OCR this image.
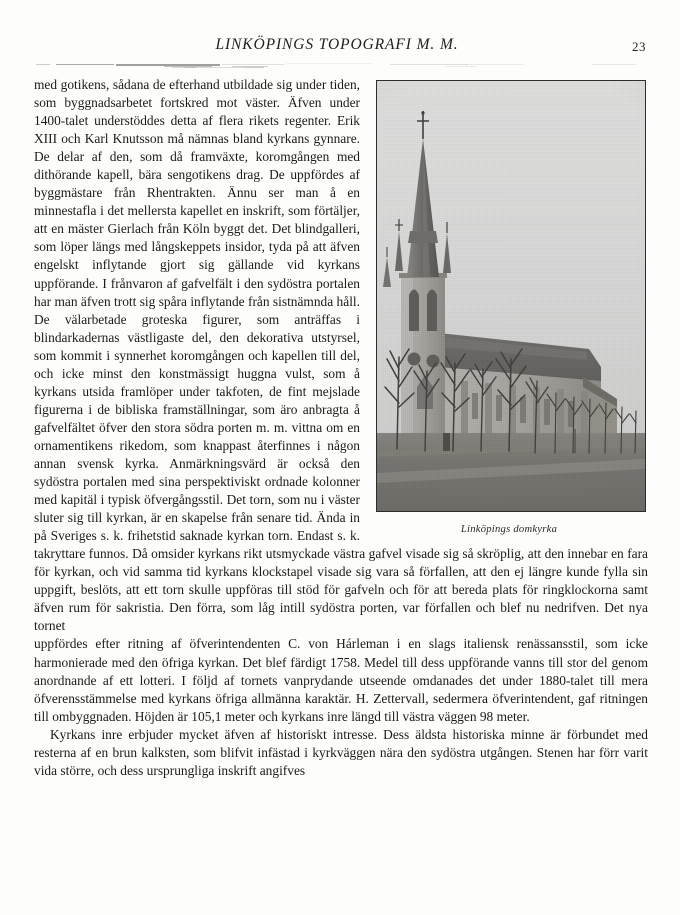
LINKÖPINGS TOPOGRAFI M. M.	23
Linköpings domkyrka

med gotikens, sådana de efterhand utbildade sig under tiden, som byggnadsarbetet fortskred mot väster. Äfven under 1400-talet understöddes detta af flera rikets regenter. Erik XIII och Karl Knutsson må nämnas bland kyrkans gynnare. De delar af den, som då framväxte, koromgången med dithörande kapell, bära sengotikens drag. De uppfördes af byggmästare från Rhentrakten. Ännu ser man å en minnestafla i det mellersta kapellet en inskrift, som förtäljer, att en mäster Gierlach från Köln byggt det. Det blindgalleri, som löper längs med långskeppets insidor, tyda på att äfven engelskt inflytande gjort sig gällande vid kyrkans uppförande. I frånvaron af gafvelfält i den sydöstra portalen har man äfven trott sig spåra inflytande från sistnämnda håll. De välarbetade groteska figurer, som anträffas i blindarkadernas västligaste del, den dekorativa utstyrsel, som kommit i synnerhet koromgången och kapellen till del, och icke minst den konstmässigt huggna vulst, som å kyrkans utsida framlöper under takfoten, de fint mejslade figurerna i de bibliska framställningar, som äro anbragta å gafvelfältet öfver den stora södra porten m. m. vittna om en ornamentikens rikedom, som knappast återfinnes i någon annan svensk kyrka. Anmärkningsvärd är också den sydöstra portalen med sina perspektiviskt ordnade kolonner med kapitäl i typisk öfvergångsstil. Det torn, som nu i väster sluter sig till kyrkan, är en skapelse från senare tid. Ända in på Sveriges s. k. frihetstid saknade kyrkan torn. Endast s. k. takryttare funnos. Då omsider kyrkans rikt utsmyckade västra gafvel visade sig så skröplig, att den innebar en fara för kyrkan, och vid samma tid kyrkans klockstapel visade sig vara så förfallen, att den ej längre kunde fylla sin uppgift, beslöts, att ett torn skulle uppföras till stöd för gafveln och för att bereda plats för ringklockorna samt äfven rum för sakristia. Den förra, som låg intill sydöstra porten, var förfallen och blef nu nedrifven. Det nya tornet

uppfördes efter ritning af öfverintendenten C. von Hárleman i en slags italiensk renässansstil, som icke harmonierade med den öfriga kyrkan. Det blef färdigt 1758. Medel till dess uppförande vanns till stor del genom anordnande af ett lotteri. I följd af tornets vanprydande utseende omdanades det under 1880-talet till mera öfverensstämmelse med kyrkans öfriga allmänna karaktär. H. Zettervall, sedermera öfverintendent, gaf ritningen till ombyggnaden. Höjden är 105,1 meter och kyrkans inre längd till västra väggen 98 meter.

Kyrkans inre erbjuder mycket äfven af historiskt intresse. Dess äldsta historiska minne är förbundet med resterna af en brun kalksten, som blifvit infästad i kyrkväggen nära den sydöstra utgången. Stenen har förr varit vida större, och dess ursprungliga inskrift angifves
